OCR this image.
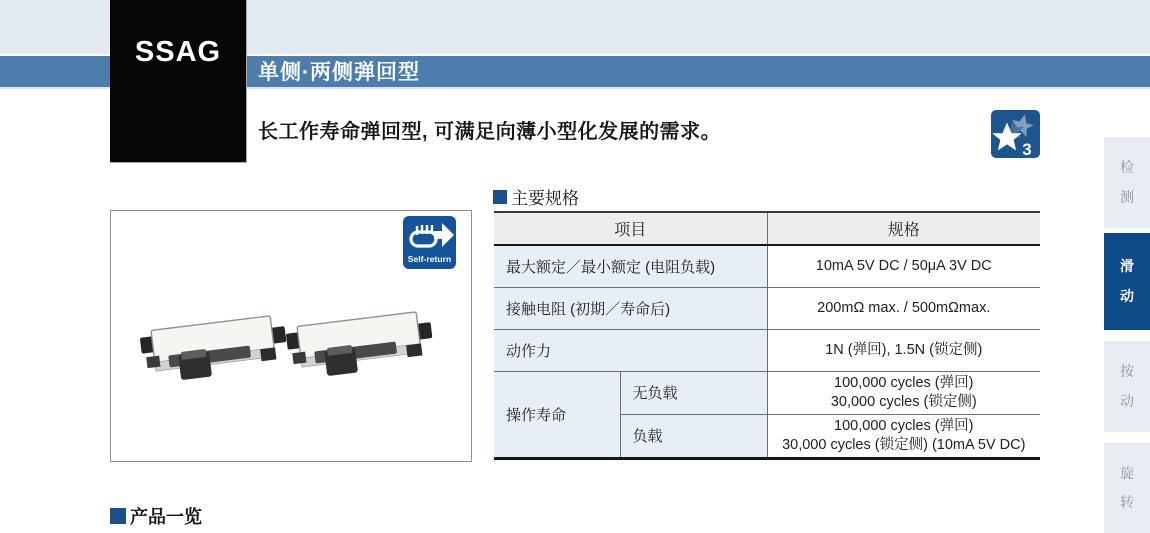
SSAG
单侧·两侧弹回型
长工作寿命弹回型, 可满足向薄小型化发展的需求。
3
检测
滑动
按动
旋转
Self-return
主要规格
项目		规格
最大额定／最小额定 (电阻负载)		10mA 5V DC / 50μA 3V DC
接触电阻 (初期／寿命后)		200mΩ max. / 500mΩmax.
动作力		1N (弹回), 1.5N (锁定侧)
操作寿命	无负载	100,000 cycles (弹回)
30,000 cycles (锁定侧)

	负载	100,000 cycles (弹回)
30,000 cycles (锁定侧) (10mA 5V DC)
产品一览
